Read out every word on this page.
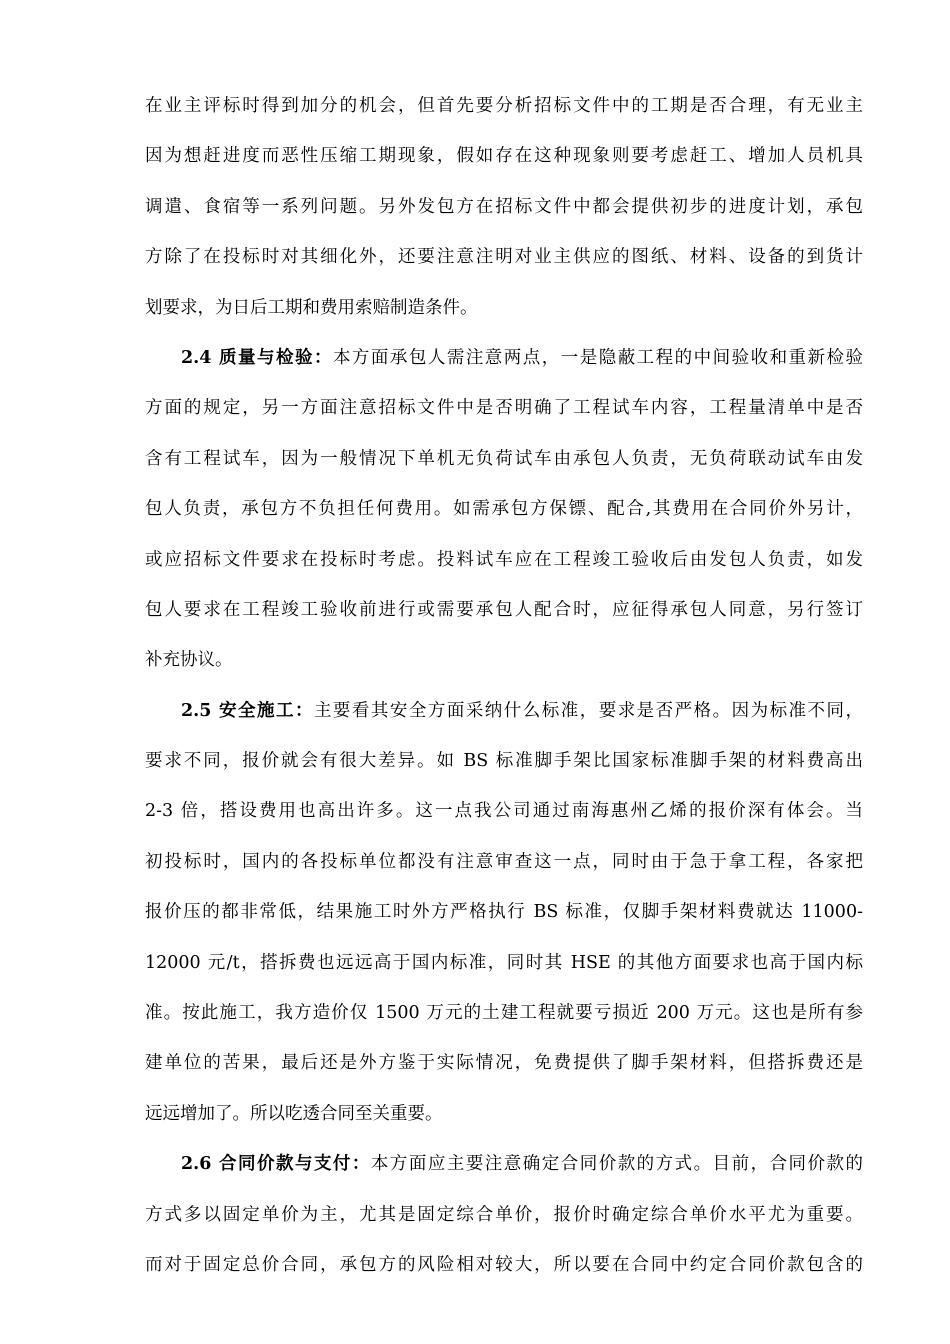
在业主评标时得到加分的机会，但首先要分析招标文件中的工期是否合理，有无业主
因为想赶进度而恶性压缩工期现象，假如存在这种现象则要考虑赶工、增加人员机具
调遣、食宿等一系列问题。另外发包方在招标文件中都会提供初步的进度计划，承包
方除了在投标时对其细化外，还要注意注明对业主供应的图纸、材料、设备的到货计
划要求，为日后工期和费用索赔制造条件。
2.4 质量与检验：本方面承包人需注意两点，一是隐蔽工程的中间验收和重新检验
方面的规定，另一方面注意招标文件中是否明确了工程试车内容，工程量清单中是否
含有工程试车，因为一般情况下单机无负荷试车由承包人负责，无负荷联动试车由发
包人负责，承包方不负担任何费用。如需承包方保镖、配合,其费用在合同价外另计，
或应招标文件要求在投标时考虑。投料试车应在工程竣工验收后由发包人负责，如发
包人要求在工程竣工验收前进行或需要承包人配合时，应征得承包人同意，另行签订
补充协议。
2.5 安全施工：主要看其安全方面采纳什么标准，要求是否严格。因为标准不同，
要求不同，报价就会有很大差异。如 BS 标准脚手架比国家标准脚手架的材料费高出
2-3 倍，搭设费用也高出许多。这一点我公司通过南海惠州乙烯的报价深有体会。当
初投标时，国内的各投标单位都没有注意审查这一点，同时由于急于拿工程，各家把
报价压的都非常低，结果施工时外方严格执行 BS 标准，仅脚手架材料费就达 11000-
12000 元/t，搭拆费也远远高于国内标准，同时其 HSE 的其他方面要求也高于国内标
准。按此施工，我方造价仅 1500 万元的土建工程就要亏损近 200 万元。这也是所有参
建单位的苦果，最后还是外方鉴于实际情况，免费提供了脚手架材料，但搭拆费还是
远远增加了。所以吃透合同至关重要。
2.6 合同价款与支付：本方面应主要注意确定合同价款的方式。目前，合同价款的
方式多以固定单价为主，尤其是固定综合单价，报价时确定综合单价水平尤为重要。
而对于固定总价合同，承包方的风险相对较大，所以要在合同中约定合同价款包含的
